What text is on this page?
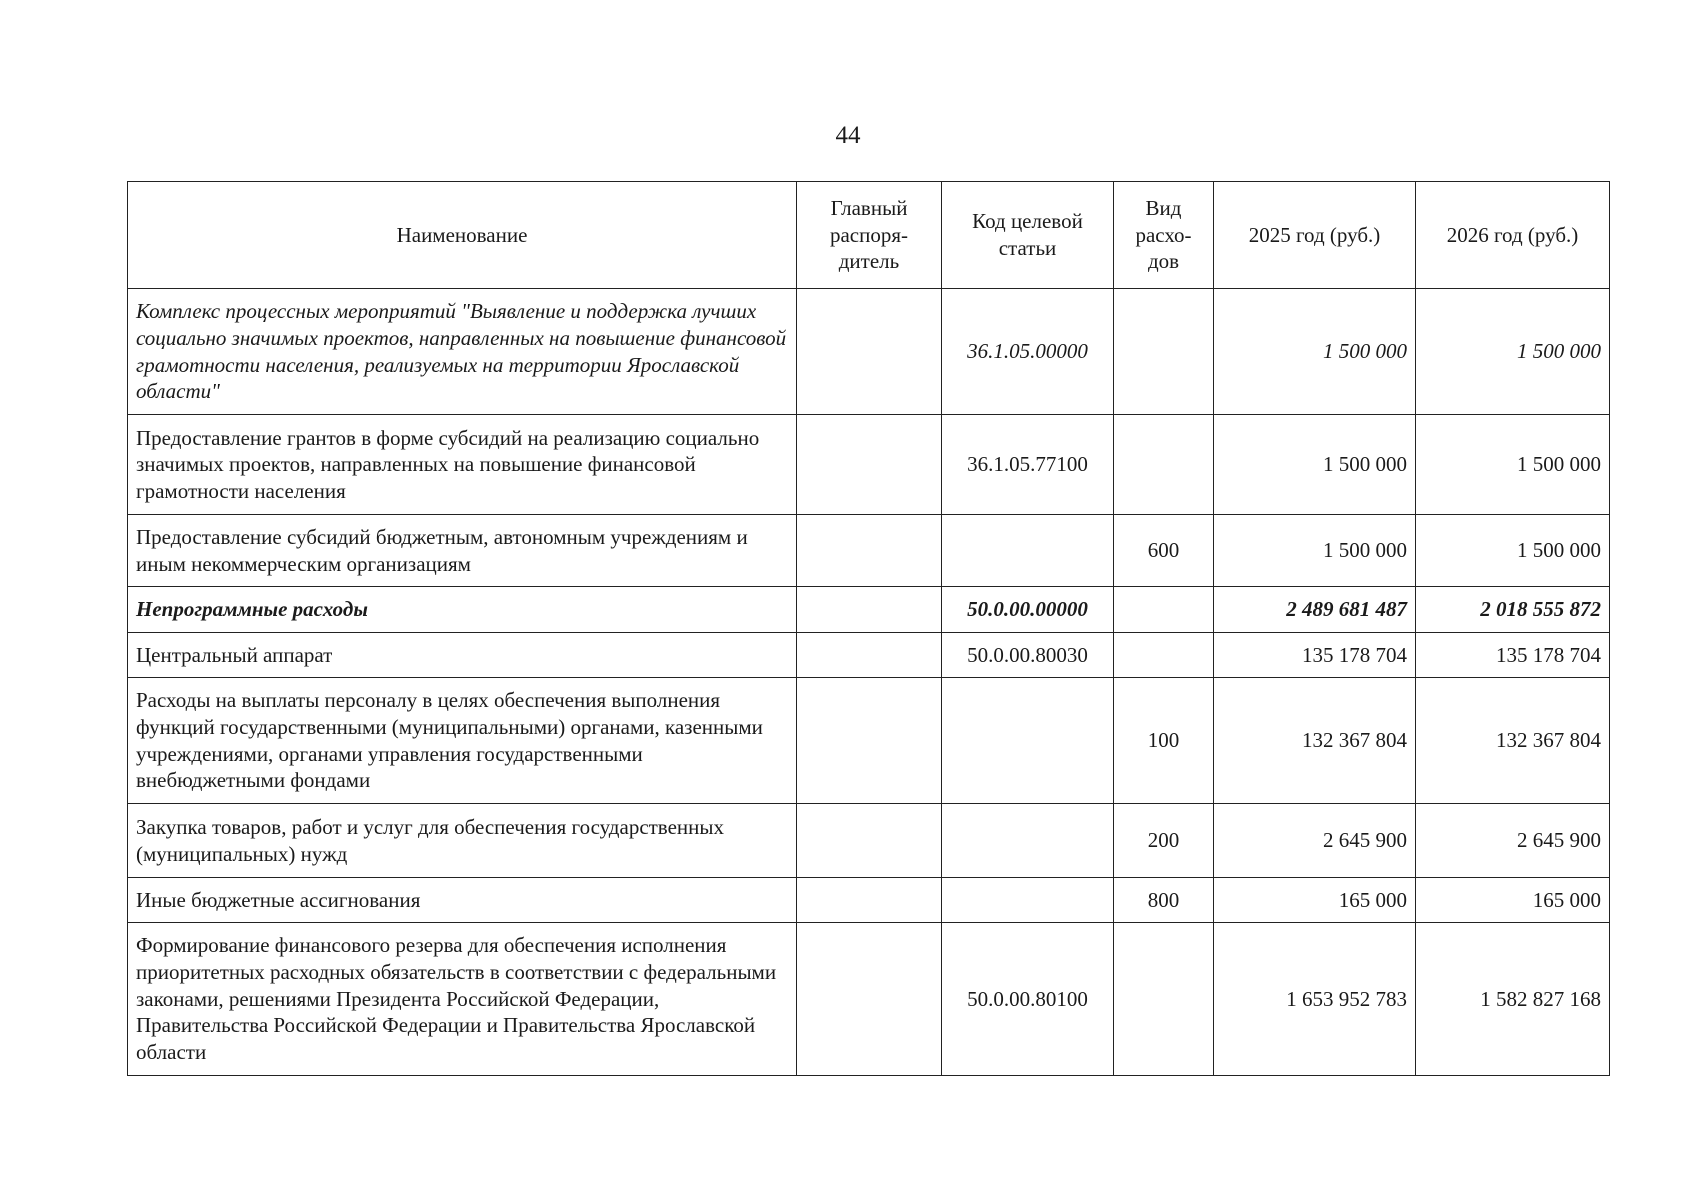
44
Наименование	Главный распоря-дитель	Код целевой статьи	Вид расхо-дов	2025 год (руб.)	2026 год (руб.)
Комплекс процессных мероприятий "Выявление и поддержка лучших социально значимых проектов, направленных на повышение финансовой грамотности населения, реализуемых на территории Ярославской области"		36.1.05.00000		1 500 000	1 500 000
Предоставление грантов в форме субсидий на реализацию социально значимых проектов, направленных на повышение финансовой грамотности населения		36.1.05.77100		1 500 000	1 500 000
Предоставление субсидий бюджетным, автономным учреждениям и иным некоммерческим организациям			600	1 500 000	1 500 000
Непрограммные расходы		50.0.00.00000		2 489 681 487	2 018 555 872
Центральный аппарат		50.0.00.80030		135 178 704	135 178 704
Расходы на выплаты персоналу в целях обеспечения выполнения функций государственными (муниципальными) органами, казенными учреждениями, органами управления государственными внебюджетными фондами			100	132 367 804	132 367 804
Закупка товаров, работ и услуг для обеспечения государственных (муниципальных) нужд			200	2 645 900	2 645 900
Иные бюджетные ассигнования			800	165 000	165 000
Формирование финансового резерва для обеспечения исполнения приоритетных расходных обязательств в соответствии с федеральными законами, решениями Президента Российской Федерации, Правительства Российской Федерации и Правительства Ярославской области		50.0.00.80100		1 653 952 783	1 582 827 168
